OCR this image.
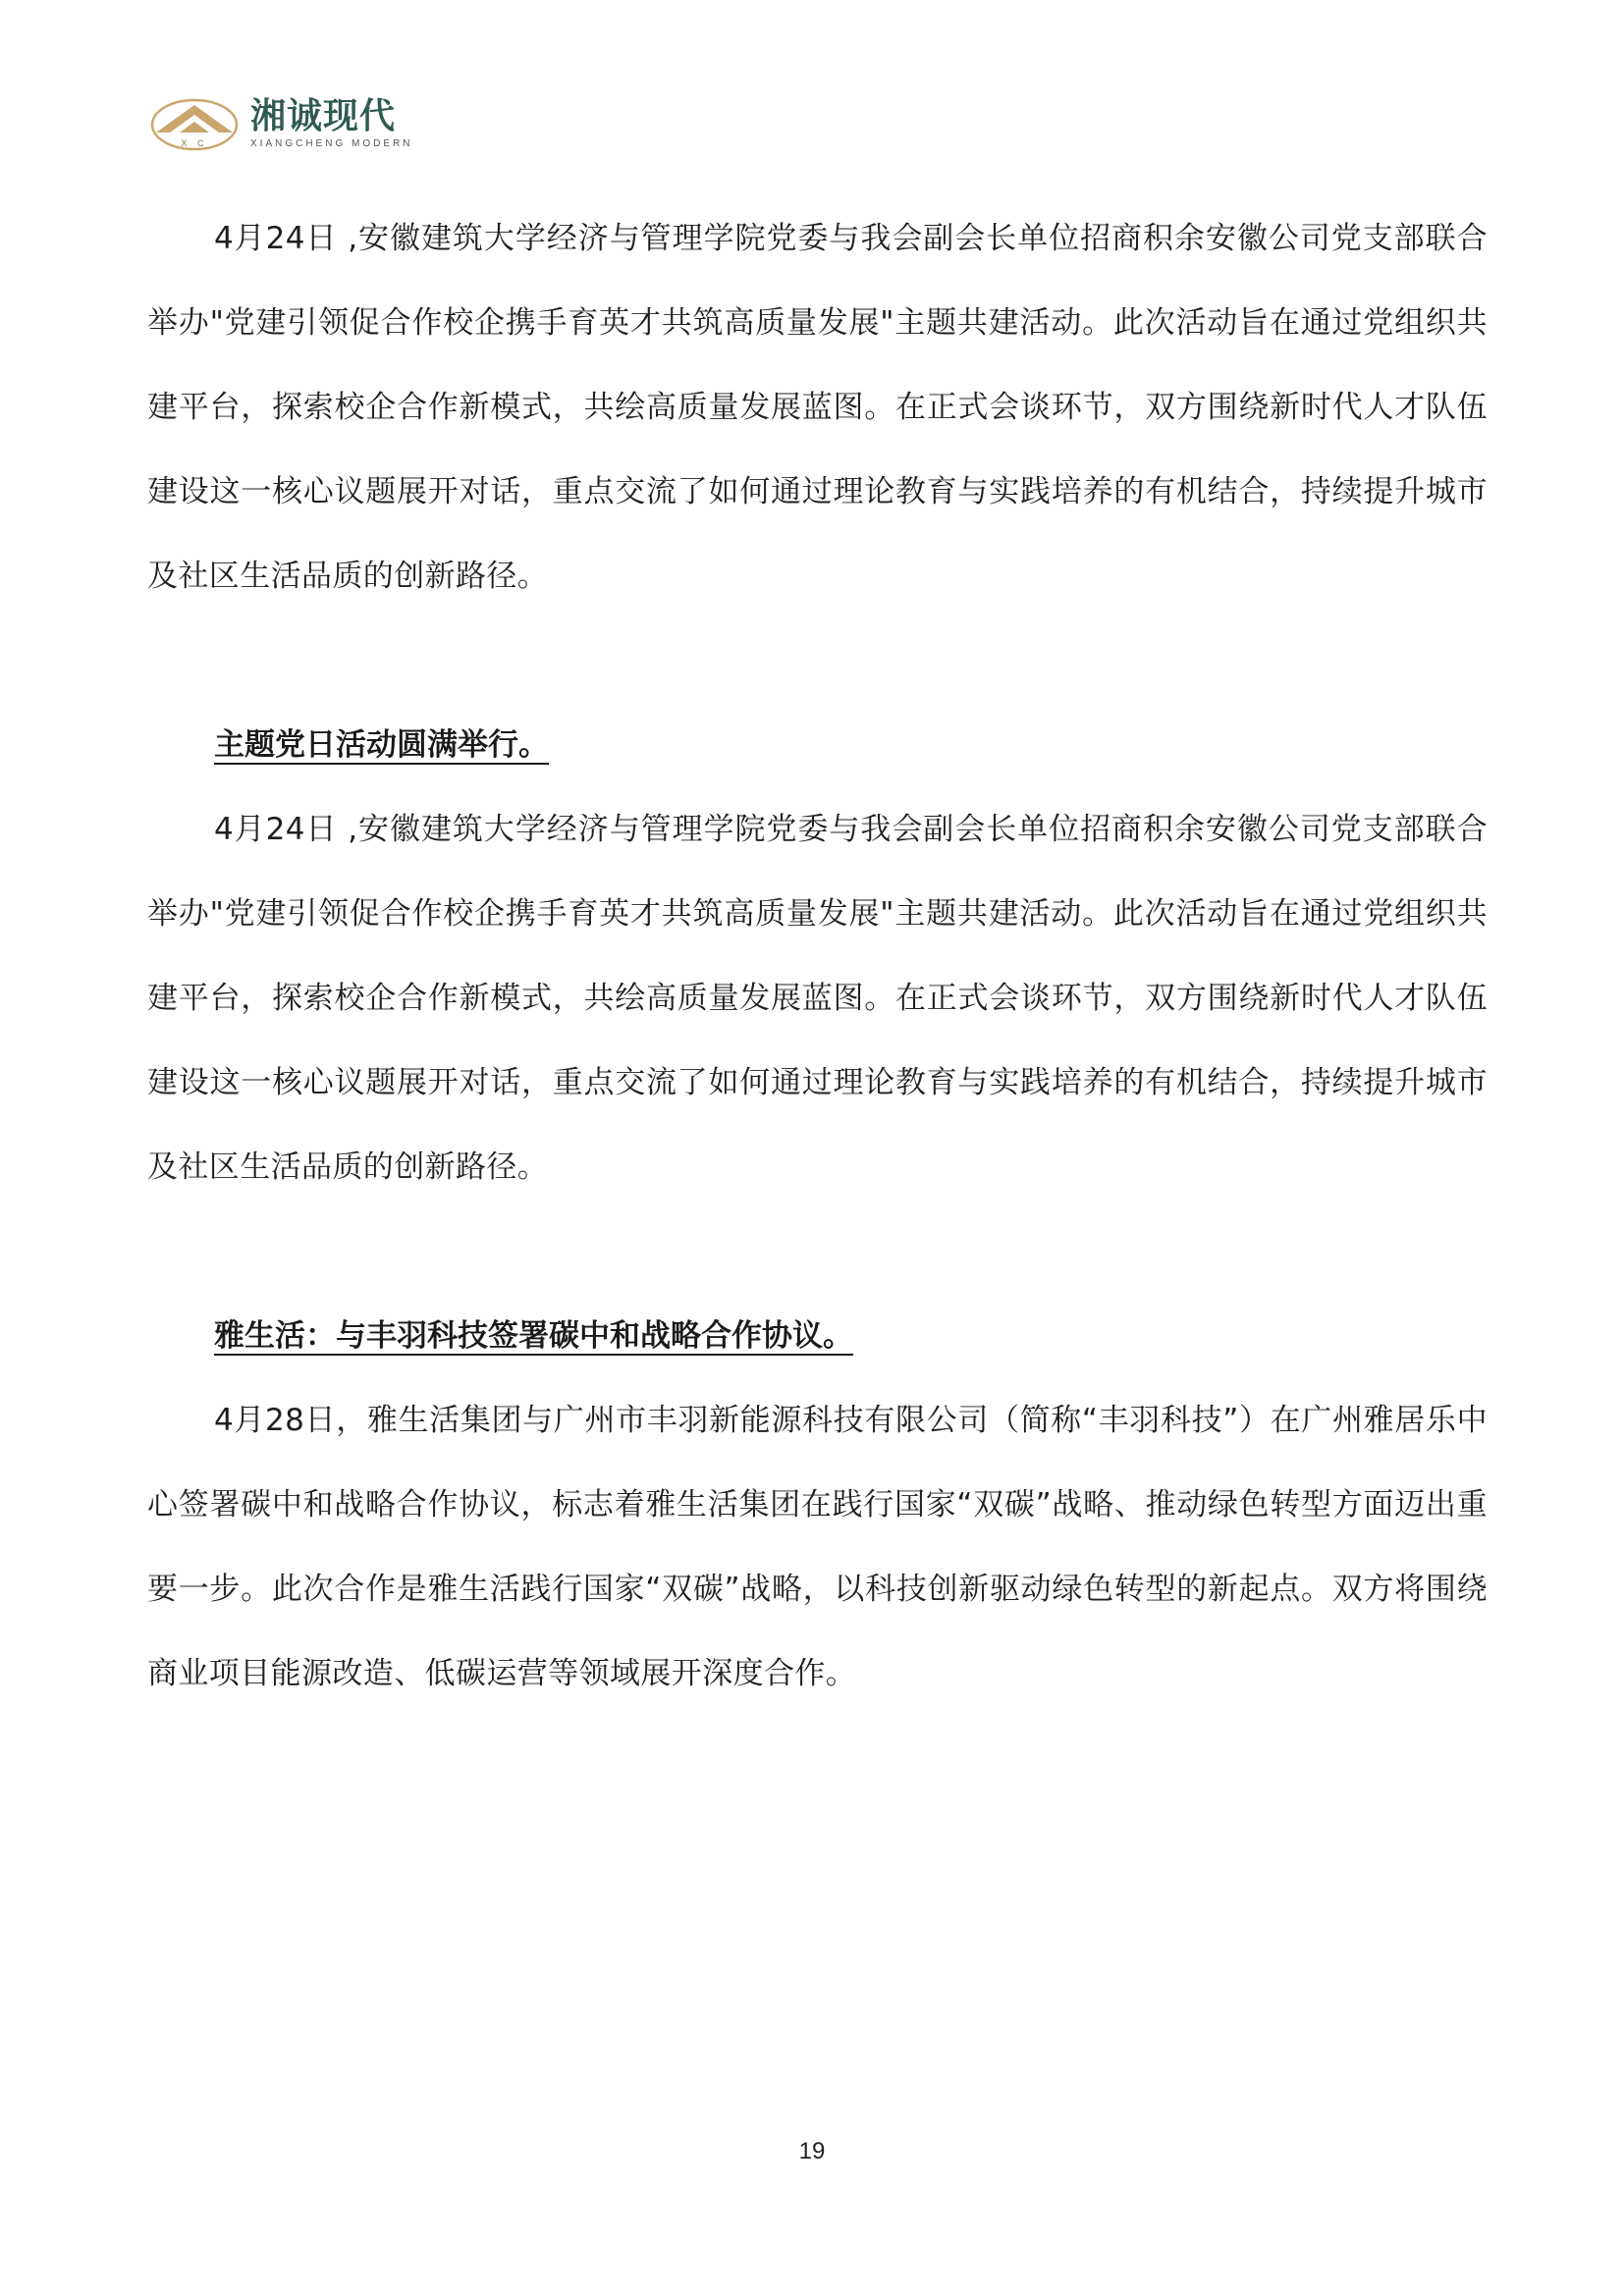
X C
湘诚现代
XIANGCHENG MODERN

4月24日 ,安徽建筑大学经济与管理学院党委与我会副会长单位招商积余安徽公司党支部联合举办"党建引领促合作校企携手育英才共筑高质量发展"主题共建活动。此次活动旨在通过党组织共建平台，探索校企合作新模式，共绘高质量发展蓝图。在正式会谈环节，双方围绕新时代人才队伍建设这一核心议题展开对话，重点交流了如何通过理论教育与实践培养的有机结合，持续提升城市及社区生活品质的创新路径。

主题党日活动圆满举行。

4月24日 ,安徽建筑大学经济与管理学院党委与我会副会长单位招商积余安徽公司党支部联合举办"党建引领促合作校企携手育英才共筑高质量发展"主题共建活动。此次活动旨在通过党组织共建平台，探索校企合作新模式，共绘高质量发展蓝图。在正式会谈环节，双方围绕新时代人才队伍建设这一核心议题展开对话，重点交流了如何通过理论教育与实践培养的有机结合，持续提升城市及社区生活品质的创新路径。

雅生活：与丰羽科技签署碳中和战略合作协议。

4月28日，雅生活集团与广州市丰羽新能源科技有限公司（简称“丰羽科技”）在广州雅居乐中心签署碳中和战略合作协议，标志着雅生活集团在践行国家“双碳”战略、推动绿色转型方面迈出重要一步。此次合作是雅生活践行国家“双碳”战略，以科技创新驱动绿色转型的新起点。双方将围绕商业项目能源改造、低碳运营等领域展开深度合作。

19
